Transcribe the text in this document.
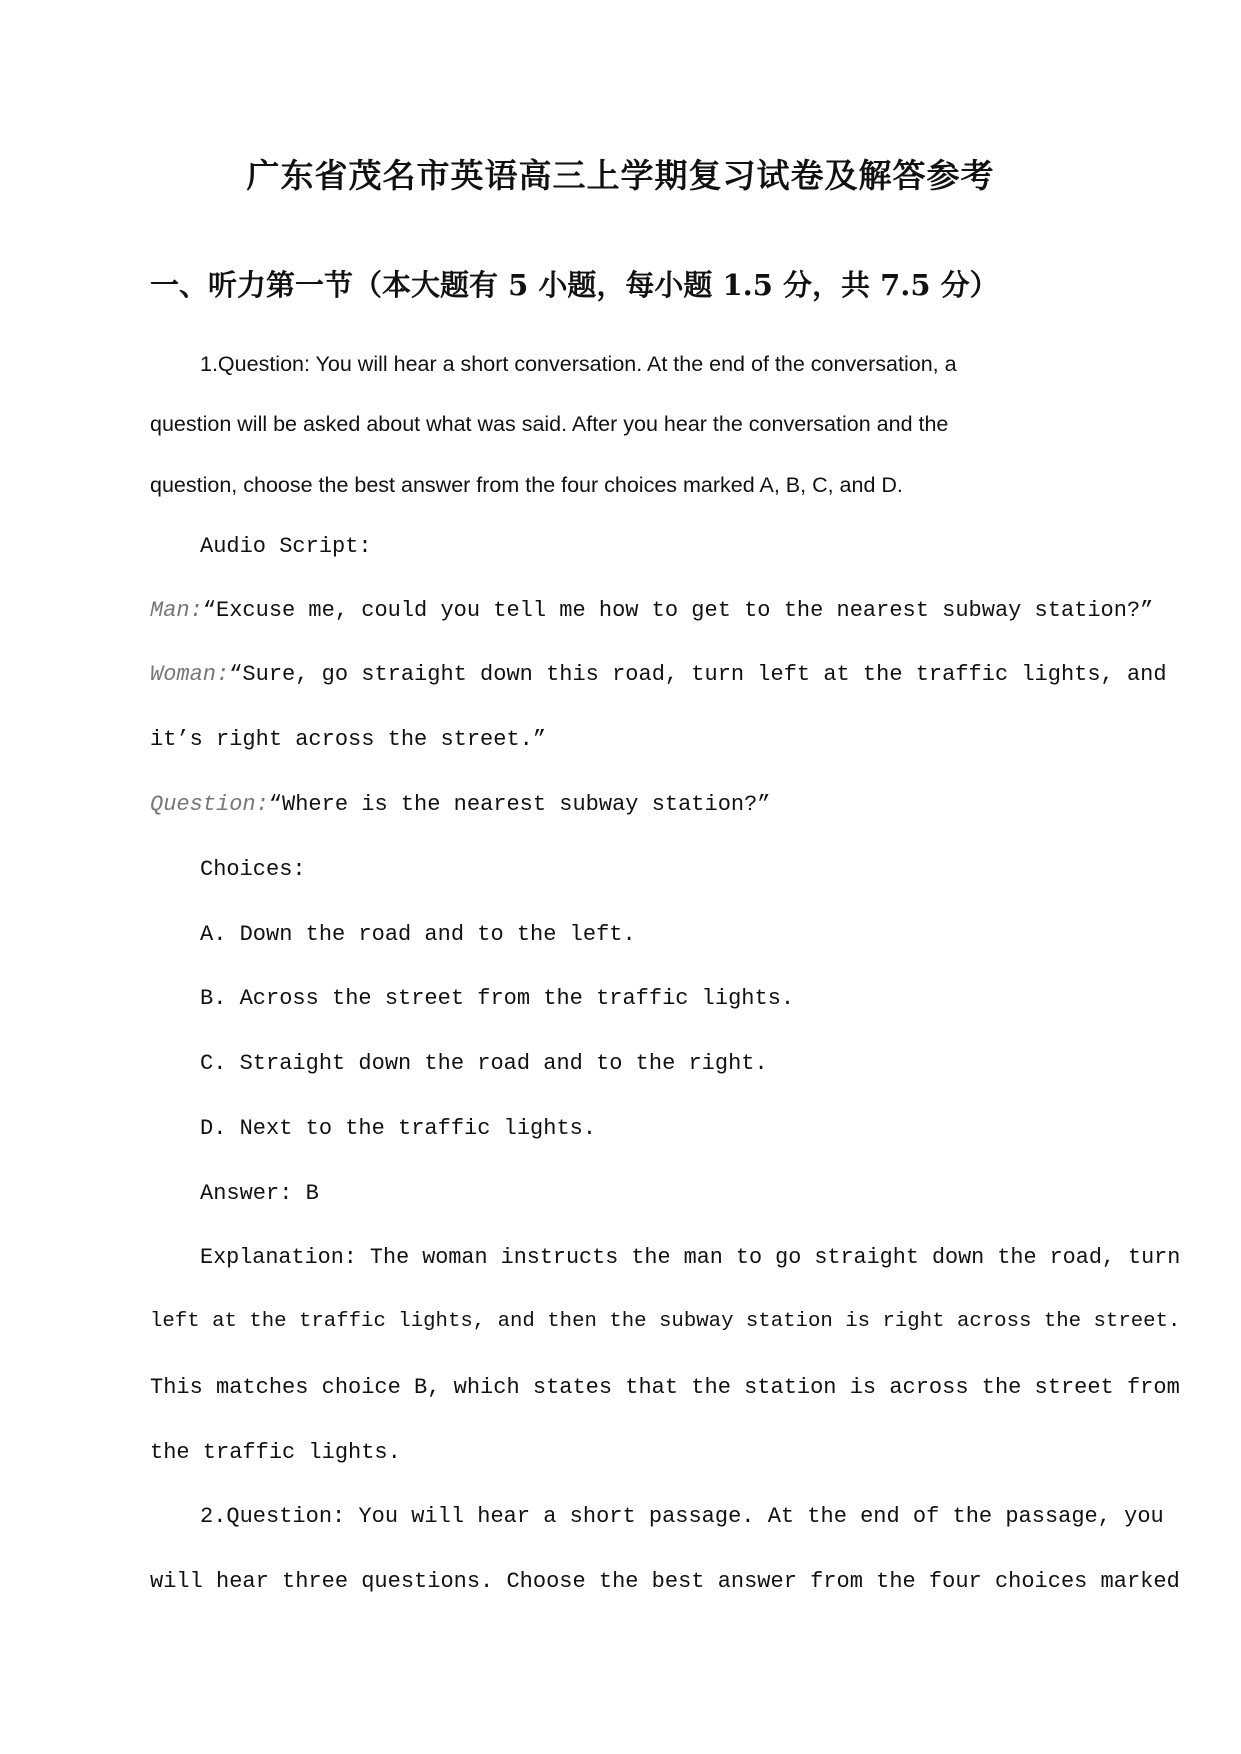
广东省茂名市英语高三上学期复习试卷及解答参考
一、听力第一节（本大题有 5 小题，每小题 1.5 分，共 7.5 分）
1.Question: You will hear a short conversation. At the end of the conversation, a
question will be asked about what was said. After you hear the conversation and the
question, choose the best answer from the four choices marked A, B, C, and D.
Audio Script:
Man:“Excuse me, could you tell me how to get to the nearest subway station?”
Woman:“Sure, go straight down this road, turn left at the traffic lights, and
it’s right across the street.”
Question:“Where is the nearest subway station?”
Choices:
A. Down the road and to the left.
B. Across the street from the traffic lights.
C. Straight down the road and to the right.
D. Next to the traffic lights.
Answer: B
Explanation: The woman instructs the man to go straight down the road, turn
left at the traffic lights, and then the subway station is right across the street.
This matches choice B, which states that the station is across the street from
the traffic lights.
2.Question: You will hear a short passage. At the end of the passage, you
will hear three questions. Choose the best answer from the four choices marked
